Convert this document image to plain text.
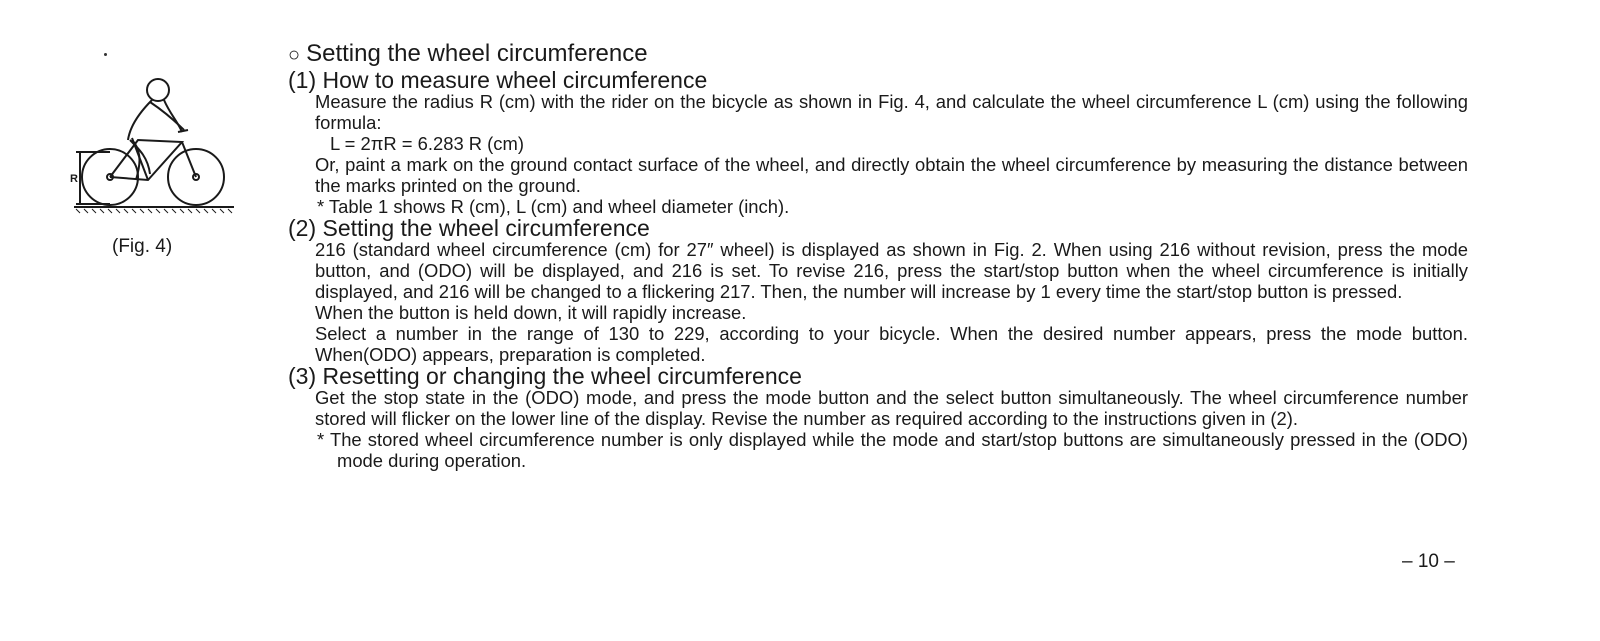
R
(Fig. 4)

○ Setting the wheel circumference

(1) How to measure wheel circumference

Measure the radius R (cm) with the rider on the bicycle as shown in Fig. 4, and calculate the wheel circumference L (cm) using the following formula:

L = 2πR = 6.283 R (cm)

Or, paint a mark on the ground contact surface of the wheel, and directly obtain the wheel circumference by measuring the distance between the marks printed on the ground.

* Table 1 shows R (cm), L (cm) and wheel diameter (inch).

(2) Setting the wheel circumference

216 (standard wheel circumference (cm) for 27″ wheel) is displayed as shown in Fig. 2. When using 216 without revision, press the mode button, and (ODO) will be displayed, and 216 is set. To revise 216, press the start/stop button when the wheel circumference is initially displayed, and 216 will be changed to a flickering 217. Then, the number will increase by 1 every time the start/stop button is pressed.

When the button is held down, it will rapidly increase.

Select a number in the range of 130 to 229, according to your bicycle. When the desired number appears, press the mode button. When(ODO) appears, preparation is completed.

(3) Resetting or changing the wheel circumference

Get the stop state in the (ODO) mode, and press the mode button and the select button simultaneously. The wheel circumference number stored will flicker on the lower line of the display. Revise the number as required according to the instructions given in (2).

* The stored wheel circumference number is only displayed while the mode and start/stop buttons are simultaneously pressed in the (ODO) mode during operation.

– 10 –
